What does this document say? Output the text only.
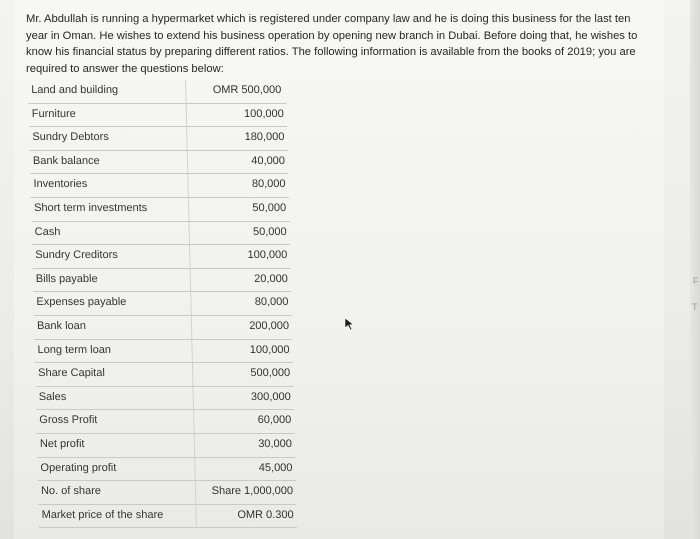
Mr. Abdullah is running a hypermarket which is registered under company law and he is doing this business for the last ten year in Oman. He wishes to extend his business operation by opening new branch in Dubai. Before doing that, he wishes to know his financial status by preparing different ratios. The following information is available from the books of 2019; you are required to answer the questions below:

Land and building	OMR 500,000
Furniture	100,000
Sundry Debtors	180,000
Bank balance	40,000
Inventories	80,000
Short term investments	50,000
Cash	50,000
Sundry Creditors	100,000
Bills payable	20,000
Expenses payable	80,000
Bank loan	200,000
Long term loan	100,000
Share Capital	500,000
Sales	300,000
Gross Profit	60,000
Net profit	30,000
Operating profit	45,000
No. of share	Share 1,000,000
Market price of the share	OMR 0.300
F
T
